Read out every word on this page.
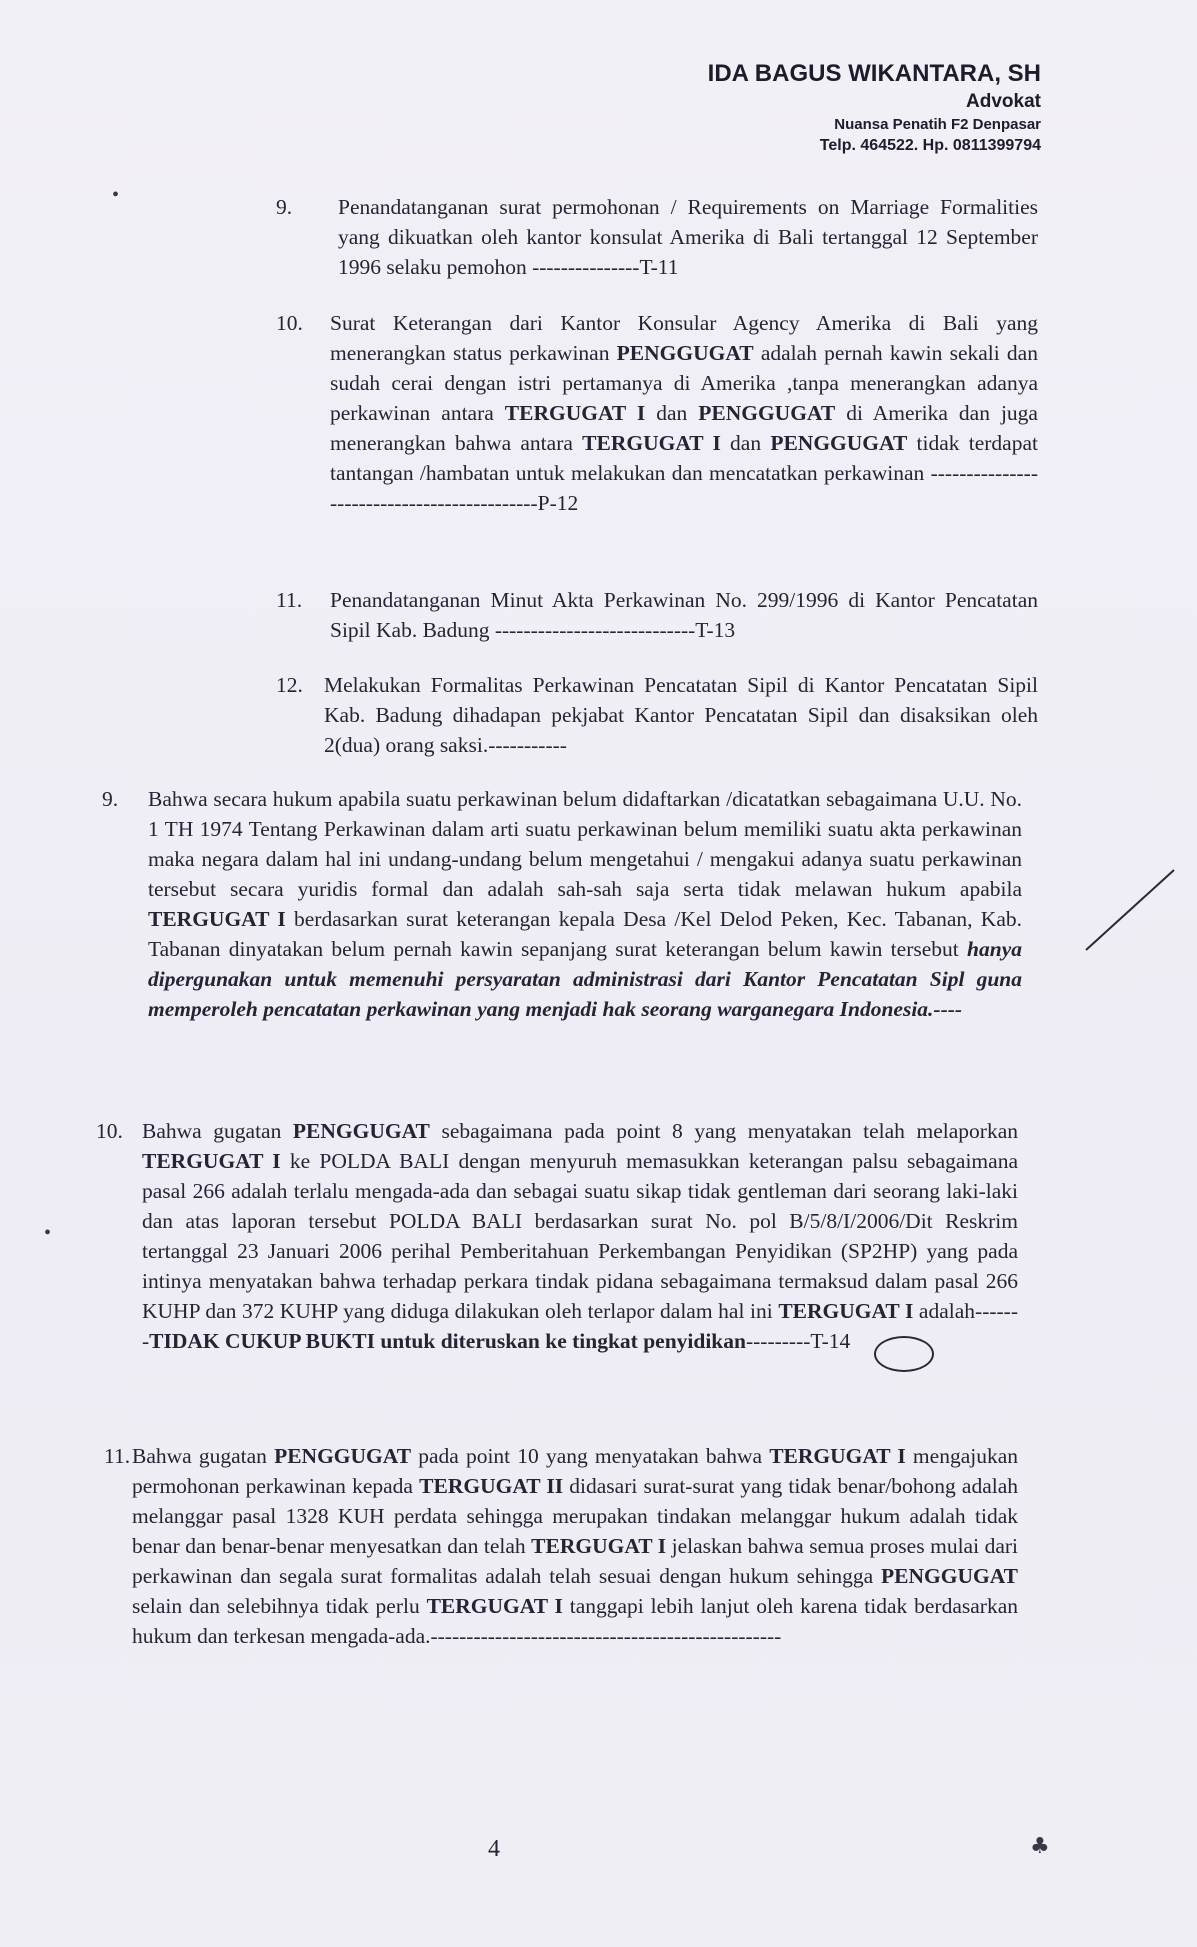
IDA BAGUS WIKANTARA, SH
Advokat
Nuansa Penatih F2 Denpasar
Telp. 464522. Hp. 0811399794
9. Penandatanganan surat permohonan / Requirements on Marriage Formalities yang dikuatkan oleh kantor konsulat Amerika di Bali tertanggal 12 September 1996 selaku pemohon ---------------T-11

10. Surat Keterangan dari Kantor Konsular Agency Amerika di Bali yang menerangkan status perkawinan PENGGUGAT adalah pernah kawin sekali dan sudah cerai dengan istri pertamanya di Amerika ,tanpa menerangkan adanya perkawinan antara TERGUGAT I dan PENGGUGAT di Amerika dan juga menerangkan bahwa antara TERGUGAT I dan PENGGUGAT tidak terdapat tantangan /hambatan untuk melakukan dan mencatatkan perkawinan --------------------------------------------P-12

11. Penandatanganan Minut Akta Perkawinan No. 299/1996 di Kantor Pencatatan Sipil Kab. Badung ----------------------------T-13

12. Melakukan Formalitas Perkawinan Pencatatan Sipil di Kantor Pencatatan Sipil Kab. Badung dihadapan pekjabat Kantor Pencatatan Sipil dan disaksikan oleh 2(dua) orang saksi.-----------

9. Bahwa secara hukum apabila suatu perkawinan belum didaftarkan /dicatatkan sebagaimana U.U. No. 1 TH 1974 Tentang Perkawinan dalam arti suatu perkawinan belum memiliki suatu akta perkawinan maka negara dalam hal ini undang-undang belum mengetahui / mengakui adanya suatu perkawinan tersebut secara yuridis formal dan adalah sah-sah saja serta tidak melawan hukum apabila TERGUGAT I berdasarkan surat keterangan kepala Desa /Kel Delod Peken, Kec. Tabanan, Kab. Tabanan dinyatakan belum pernah kawin sepanjang surat keterangan belum kawin tersebut hanya dipergunakan untuk memenuhi persyaratan administrasi dari Kantor Pencatatan Sipl guna memperoleh pencatatan perkawinan yang menjadi hak seorang warganegara Indonesia.----

10. Bahwa gugatan PENGGUGAT sebagaimana pada point 8 yang menyatakan telah melaporkan TERGUGAT I ke POLDA BALI dengan menyuruh memasukkan keterangan palsu sebagaimana pasal 266 adalah terlalu mengada-ada dan sebagai suatu sikap tidak gentleman dari seorang laki-laki dan atas laporan tersebut POLDA BALI berdasarkan surat No. pol B/5/8/I/2006/Dit Reskrim tertanggal 23 Januari 2006 perihal Pemberitahuan Perkembangan Penyidikan (SP2HP) yang pada intinya menyatakan bahwa terhadap perkara tindak pidana sebagaimana termaksud dalam pasal 266 KUHP dan 372 KUHP yang diduga dilakukan oleh terlapor dalam hal ini TERGUGAT I adalah-------TIDAK CUKUP BUKTI untuk diteruskan ke tingkat penyidikan---------T-14

11. Bahwa gugatan PENGGUGAT pada point 10 yang menyatakan bahwa TERGUGAT I mengajukan permohonan perkawinan kepada TERGUGAT II didasari surat-surat yang tidak benar/bohong adalah melanggar pasal 1328 KUH perdata sehingga merupakan tindakan melanggar hukum adalah tidak benar dan benar-benar menyesatkan dan telah TERGUGAT I jelaskan bahwa semua proses mulai dari perkawinan dan segala surat formalitas adalah telah sesuai dengan hukum sehingga PENGGUGAT selain dan selebihnya tidak perlu TERGUGAT I tanggapi lebih lanjut oleh karena tidak berdasarkan hukum dan terkesan mengada-ada.-------------------------------------------------

•
•
4	♣
